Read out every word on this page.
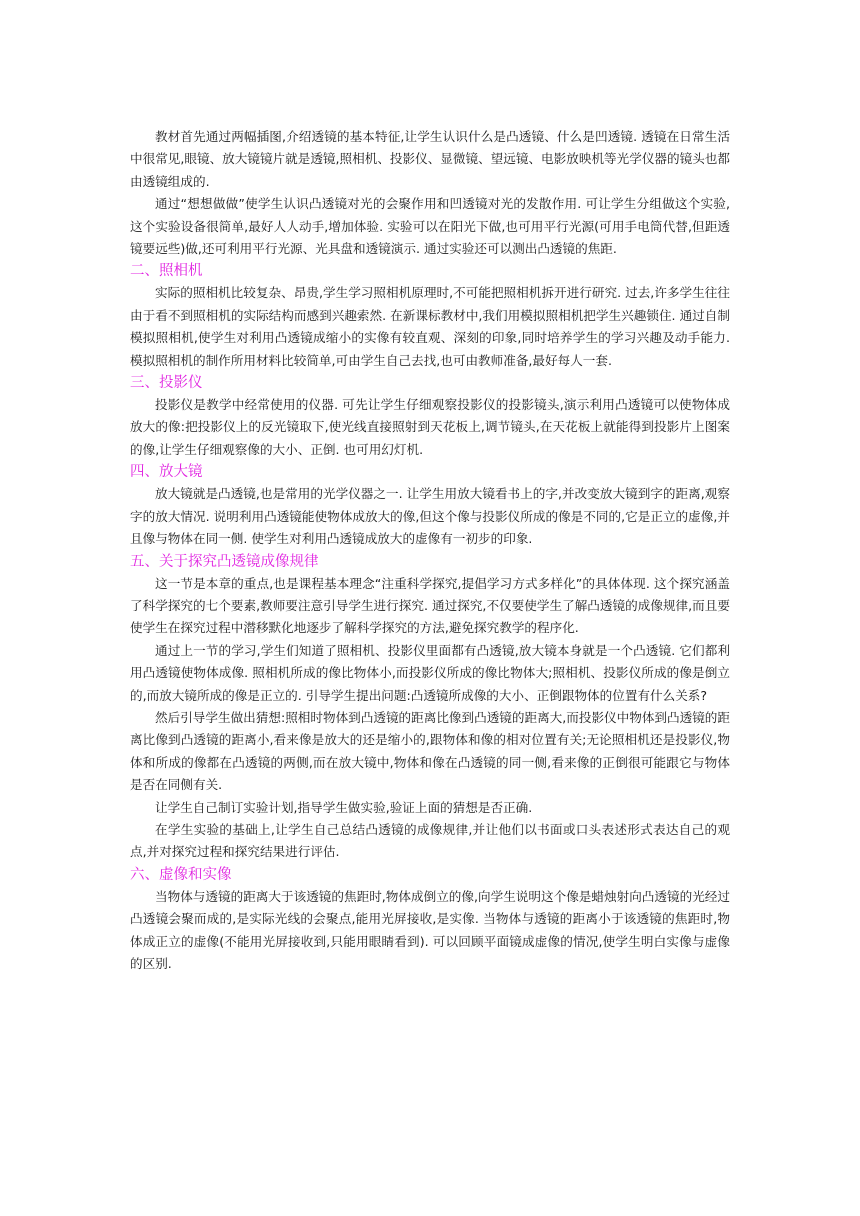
教材首先通过两幅插图,介绍透镜的基本特征,让学生认识什么是凸透镜、什么是凹透镜. 透镜在日常生活中很常见,眼镜、放大镜镜片就是透镜,照相机、投影仪、显微镜、望远镜、电影放映机等光学仪器的镜头也都由透镜组成的.

通过“想想做做”使学生认识凸透镜对光的会聚作用和凹透镜对光的发散作用. 可让学生分组做这个实验,这个实验设备很简单,最好人人动手,增加体验. 实验可以在阳光下做,也可用平行光源(可用手电筒代替,但距透镜要远些)做,还可利用平行光源、光具盘和透镜演示. 通过实验还可以测出凸透镜的焦距.

二、照相机

实际的照相机比较复杂、昂贵,学生学习照相机原理时,不可能把照相机拆开进行研究. 过去,许多学生往往由于看不到照相机的实际结构而感到兴趣索然. 在新课标教材中,我们用模拟照相机把学生兴趣锁住. 通过自制模拟照相机,使学生对利用凸透镜成缩小的实像有较直观、深刻的印象,同时培养学生的学习兴趣及动手能力. 模拟照相机的制作所用材料比较简单,可由学生自己去找,也可由教师准备,最好每人一套.

三、投影仪

投影仪是教学中经常使用的仪器. 可先让学生仔细观察投影仪的投影镜头,演示利用凸透镜可以使物体成放大的像:把投影仪上的反光镜取下,使光线直接照射到天花板上,调节镜头,在天花板上就能得到投影片上图案的像,让学生仔细观察像的大小、正倒. 也可用幻灯机.

四、放大镜

放大镜就是凸透镜,也是常用的光学仪器之一. 让学生用放大镜看书上的字,并改变放大镜到字的距离,观察字的放大情况. 说明利用凸透镜能使物体成放大的像,但这个像与投影仪所成的像是不同的,它是正立的虚像,并且像与物体在同一侧. 使学生对利用凸透镜成放大的虚像有一初步的印象.

五、关于探究凸透镜成像规律

这一节是本章的重点,也是课程基本理念“注重科学探究,提倡学习方式多样化”的具体体现. 这个探究涵盖了科学探究的七个要素,教师要注意引导学生进行探究. 通过探究,不仅要使学生了解凸透镜的成像规律,而且要使学生在探究过程中潜移默化地逐步了解科学探究的方法,避免探究教学的程序化.

通过上一节的学习,学生们知道了照相机、投影仪里面都有凸透镜,放大镜本身就是一个凸透镜. 它们都利用凸透镜使物体成像. 照相机所成的像比物体小,而投影仪所成的像比物体大;照相机、投影仪所成的像是倒立的,而放大镜所成的像是正立的. 引导学生提出问题:凸透镜所成像的大小、正倒跟物体的位置有什么关系?

然后引导学生做出猜想:照相时物体到凸透镜的距离比像到凸透镜的距离大,而投影仪中物体到凸透镜的距离比像到凸透镜的距离小,看来像是放大的还是缩小的,跟物体和像的相对位置有关;无论照相机还是投影仪,物体和所成的像都在凸透镜的两侧,而在放大镜中,物体和像在凸透镜的同一侧,看来像的正倒很可能跟它与物体是否在同侧有关.

让学生自己制订实验计划,指导学生做实验,验证上面的猜想是否正确.

在学生实验的基础上,让学生自己总结凸透镜的成像规律,并让他们以书面或口头表述形式表达自己的观点,并对探究过程和探究结果进行评估.

六、虚像和实像

当物体与透镜的距离大于该透镜的焦距时,物体成倒立的像,向学生说明这个像是蜡烛射向凸透镜的光经过凸透镜会聚而成的,是实际光线的会聚点,能用光屏接收,是实像. 当物体与透镜的距离小于该透镜的焦距时,物体成正立的虚像(不能用光屏接收到,只能用眼睛看到). 可以回顾平面镜成虚像的情况,使学生明白实像与虚像的区别.
